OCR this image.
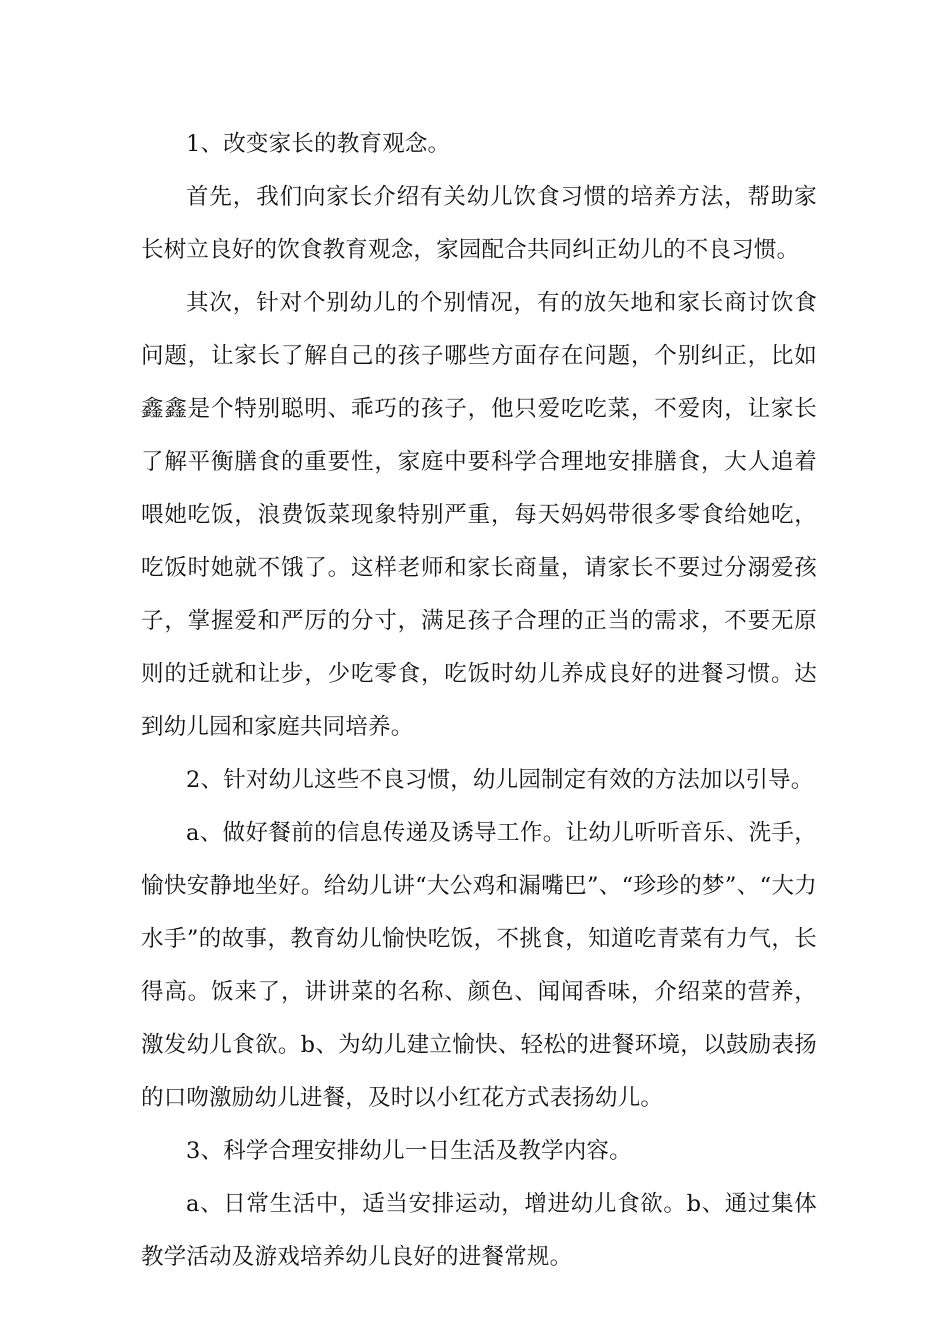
1、改变家长的教育观念。

首先，我们向家长介绍有关幼儿饮食习惯的培养方法，帮助家长树立良好的饮食教育观念，家园配合共同纠正幼儿的不良习惯。

其次，针对个别幼儿的个别情况，有的放矢地和家长商讨饮食问题，让家长了解自己的孩子哪些方面存在问题，个别纠正，比如鑫鑫是个特别聪明、乖巧的孩子，他只爱吃吃菜，不爱肉，让家长了解平衡膳食的重要性，家庭中要科学合理地安排膳食，大人追着喂她吃饭，浪费饭菜现象特别严重，每天妈妈带很多零食给她吃，吃饭时她就不饿了。这样老师和家长商量，请家长不要过分溺爱孩子，掌握爱和严厉的分寸，满足孩子合理的正当的需求，不要无原则的迁就和让步，少吃零食，吃饭时幼儿养成良好的进餐习惯。达到幼儿园和家庭共同培养。

2、针对幼儿这些不良习惯，幼儿园制定有效的方法加以引导。

a、做好餐前的信息传递及诱导工作。让幼儿听听音乐、洗手，愉快安静地坐好。给幼儿讲“大公鸡和漏嘴巴”、“珍珍的梦”、“大力水手”的故事，教育幼儿愉快吃饭，不挑食，知道吃青菜有力气，长得高。饭来了，讲讲菜的名称、颜色、闻闻香味，介绍菜的营养，激发幼儿食欲。b、为幼儿建立愉快、轻松的进餐环境，以鼓励表扬的口吻激励幼儿进餐，及时以小红花方式表扬幼儿。

3、科学合理安排幼儿一日生活及教学内容。

a、日常生活中，适当安排运动，增进幼儿食欲。b、通过集体教学活动及游戏培养幼儿良好的进餐常规。
